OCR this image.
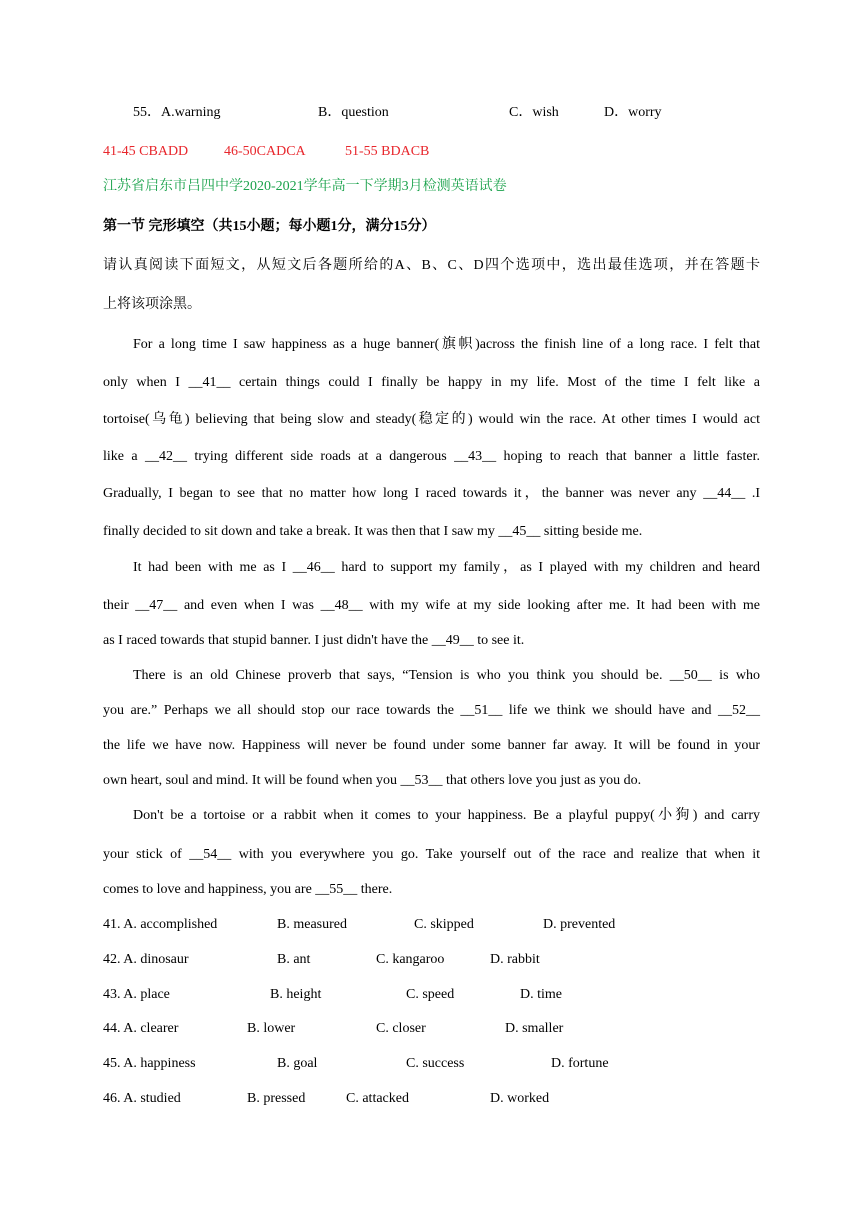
55．A.warning	B．question	C．wish	D．worry
41-45 CBADD	46-50CADCA	51-55 BDACB
江苏省启东市吕四中学2020-2021学年高一下学期3月检测英语试卷
第一节 完形填空（共15小题；每小题1分，满分15分）
请认真阅读下面短文，从短文后各题所给的A、B、C、D四个选项中，选出最佳选项，并在答题卡
上将该项涂黑。
For a long time I saw happiness as a huge banner(旗帜)across the finish line of a long race. I felt that
only when I __41__ certain things could I finally be happy in my life. Most of the time I felt like a
tortoise(乌龟) believing that being slow and steady(稳定的) would win the race. At other times I would act
like a __42__ trying different side roads at a dangerous __43__ hoping to reach that banner a little faster.
Gradually, I began to see that no matter how long I raced towards it，the banner was never any __44__ .I
finally decided to sit down and take a break. It was then that I saw my __45__ sitting beside me.
It had been with me as I __46__ hard to support my family，as I played with my children and heard
their __47__ and even when I was __48__ with my wife at my side looking after me. It had been with me
as I raced towards that stupid banner. I just didn't have the __49__ to see it.
There is an old Chinese proverb that says, “Tension is who you think you should be. __50__ is who
you are.” Perhaps we all should stop our race towards the __51__ life we think we should have and __52__
the life we have now. Happiness will never be found under some banner far away. It will be found in your
own heart, soul and mind. It will be found when you __53__ that others love you just as you do.
Don't be a tortoise or a rabbit when it comes to your happiness. Be a playful puppy(小狗) and carry
your stick of __54__ with you everywhere you go. Take yourself out of the race and realize that when it
comes to love and happiness, you are __55__ there.
41. A. accomplished	B. measured	C. skipped	D. prevented
42. A. dinosaur	B. ant	C. kangaroo	D. rabbit
43. A. place	B. height	C. speed	D. time
44. A. clearer	B. lower	C. closer	D. smaller
45. A. happiness	B. goal	C. success	D. fortune
46. A. studied	B. pressed	C. attacked	D. worked
